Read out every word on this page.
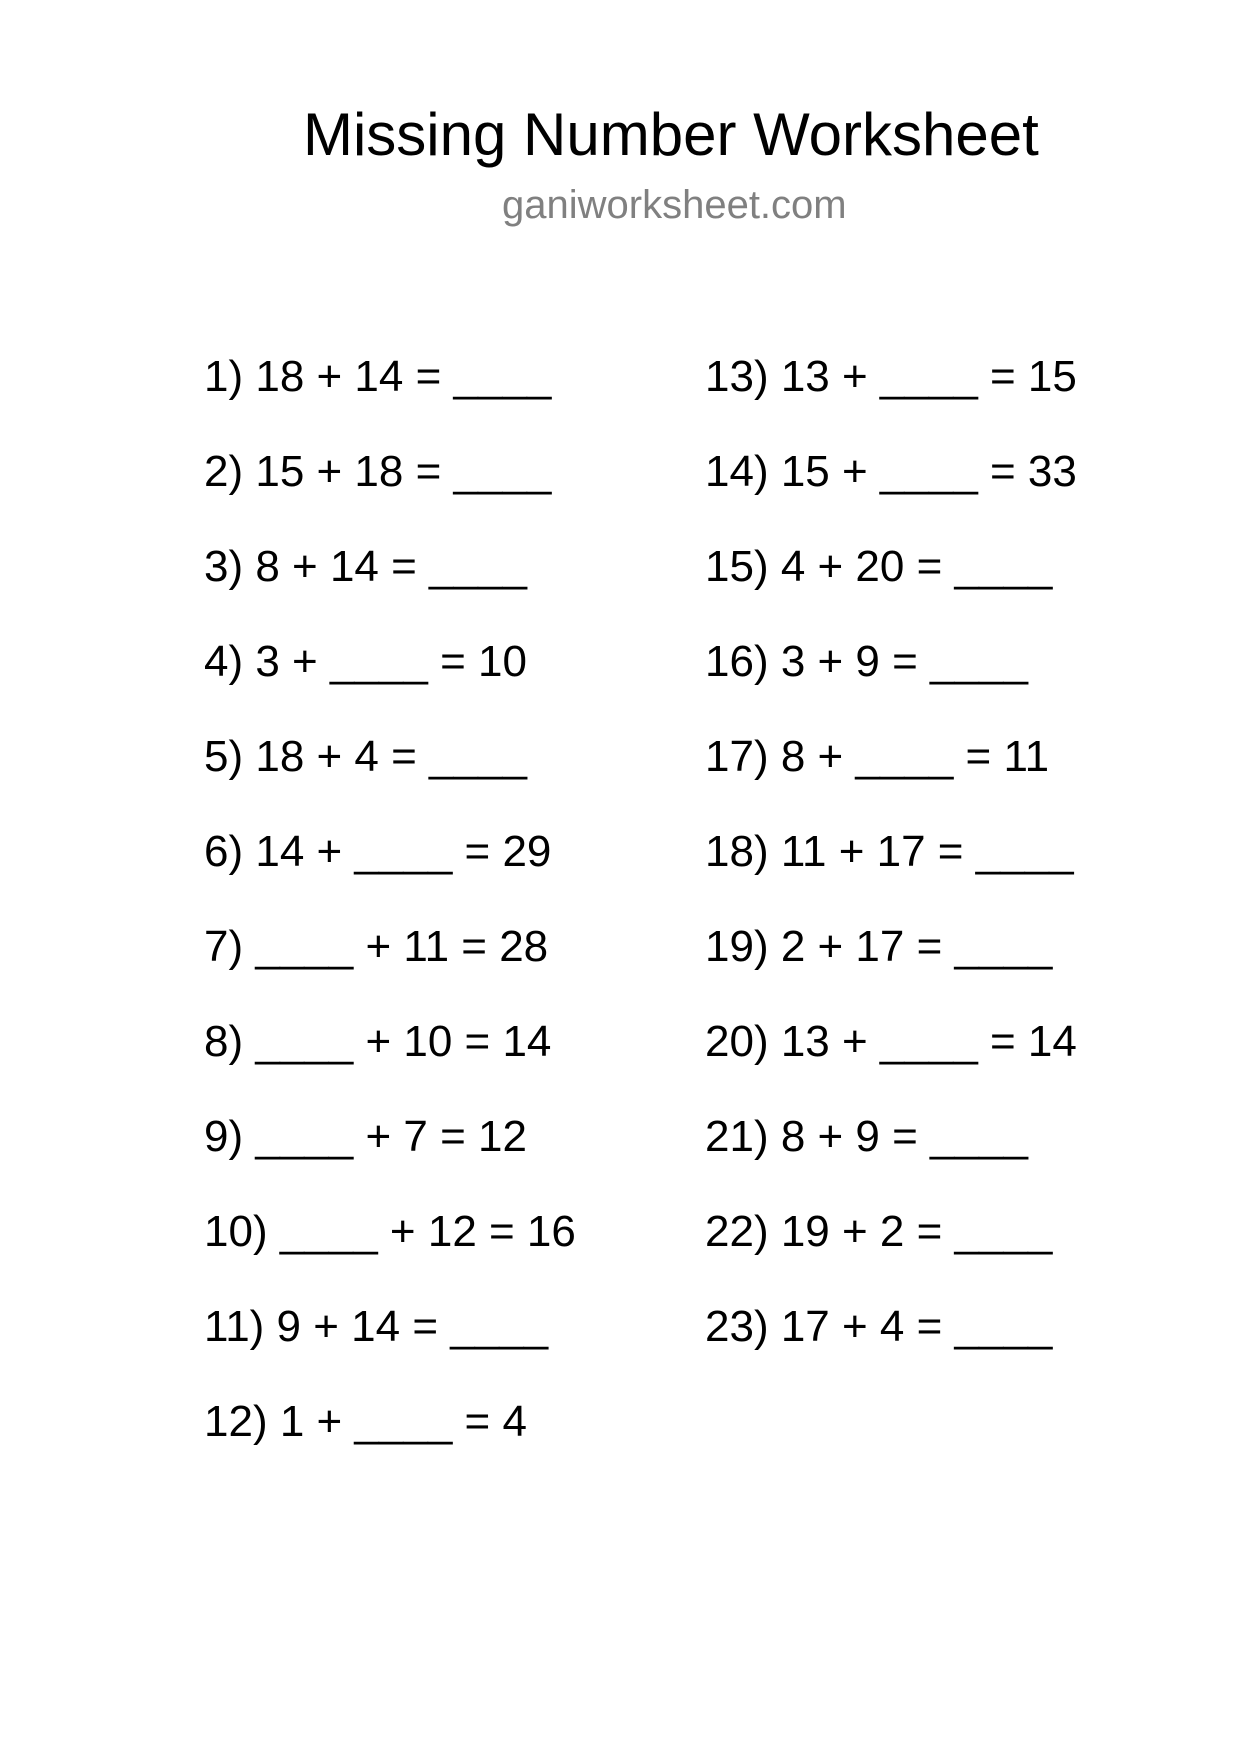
Missing Number Worksheet
ganiworksheet.com
1) 18 + 14 = ____
2) 15 + 18 = ____
3) 8 + 14 = ____
4) 3 + ____ = 10
5) 18 + 4 = ____
6) 14 + ____ = 29
7) ____ + 11 = 28
8) ____ + 10 = 14
9) ____ + 7 = 12
10) ____ + 12 = 16
11) 9 + 14 = ____
12) 1 + ____ = 4
13) 13 + ____ = 15
14) 15 + ____ = 33
15) 4 + 20 = ____
16) 3 + 9 = ____
17) 8 + ____ = 11
18) 11 + 17 = ____
19) 2 + 17 = ____
20) 13 + ____ = 14
21) 8 + 9 = ____
22) 19 + 2 = ____
23) 17 + 4 = ____
